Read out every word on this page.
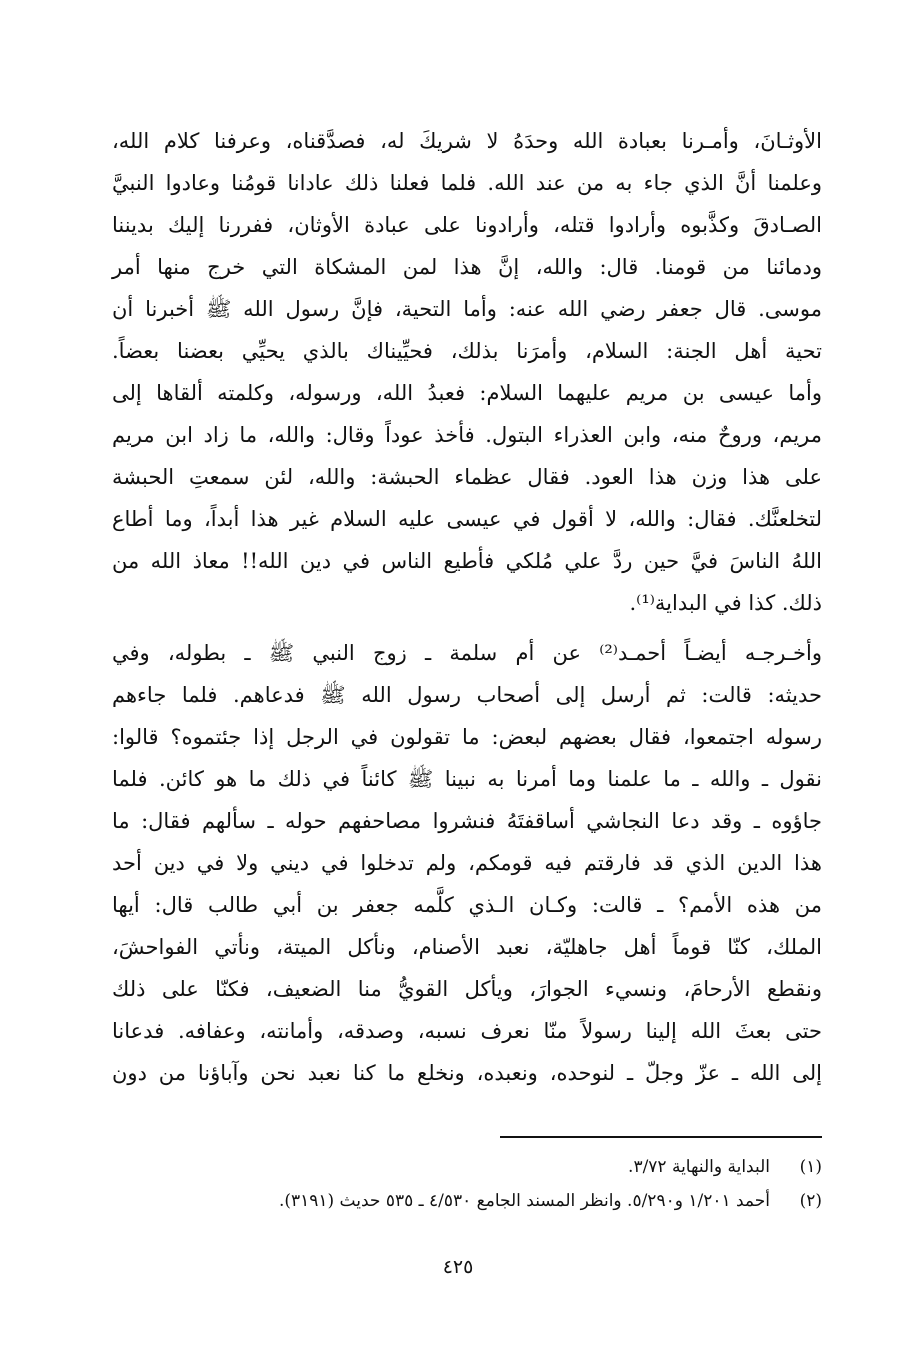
الأوثـانَ، وأمـرنا بعبادة الله وحدَهُ لا شريكَ له، فصدَّقناه، وعرفنا كلام الله،
وعلمنا أنَّ الذي جاء به من عند الله. فلما فعلنا ذلك عادانا قومُنا وعادوا النبيَّ
الصـادقَ وكذَّبوه وأرادوا قتله، وأرادونا على عبادة الأوثان، ففررنا إليك بديننا
ودمائنا من قومنا. قال: والله، إنَّ هذا لمن المشكاة التي خرج منها أمر
موسى. قال جعفر رضي الله عنه: وأما التحية، فإنَّ رسول الله ﷺ أخبرنا أن
تحية أهل الجنة: السلام، وأمرَنا بذلك، فحيِّيناك بالذي يحيِّي بعضنا بعضاً.
وأما عيسى بن مريم عليهما السلام: فعبدُ الله، ورسوله، وكلمته ألقاها إلى
مريم، وروحٌ منه، وابن العذراء البتول. فأخذ عوداً وقال: والله، ما زاد ابن مريم
على هذا وزن هذا العود. فقال عظماء الحبشة: والله، لئن سمعتِ الحبشة
لتخلعنَّك. فقال: والله، لا أقول في عيسى عليه السلام غير هذا أبداً، وما أطاع
اللهُ الناسَ فيَّ حين ردَّ علي مُلكي فأطيع الناس في دين الله!! معاذ الله من
ذلك. كذا في البداية⁽¹⁾.
وأخـرجـه أيضـاً أحمـد⁽²⁾ عن أم سلمة ـ زوج النبي ﷺ ـ بطوله، وفي
حديثه: قالت: ثم أرسل إلى أصحاب رسول الله ﷺ فدعاهم. فلما جاءهم
رسوله اجتمعوا، فقال بعضهم لبعض: ما تقولون في الرجل إذا جئتموه؟ قالوا:
نقول ـ والله ـ ما علمنا وما أمرنا به نبينا ﷺ كائناً في ذلك ما هو كائن. فلما
جاؤوه ـ وقد دعا النجاشي أساقفتَهُ فنشروا مصاحفهم حوله ـ سألهم فقال: ما
هذا الدين الذي قد فارقتم فيه قومكم، ولم تدخلوا في ديني ولا في دين أحد
من هذه الأمم؟ ـ قالت: وكـان الـذي كلَّمه جعفر بن أبي طالب قال: أيها
الملك، كنّا قوماً أهل جاهليّة، نعبد الأصنام، ونأكل الميتة، ونأتي الفواحشَ،
ونقطع الأرحامَ، ونسيء الجوارَ، ويأكل القويُّ منا الضعيف، فكنّا على ذلك
حتى بعثَ الله إلينا رسولاً منّا نعرف نسبه، وصدقه، وأمانته، وعفافه. فدعانا
إلى الله ـ عزّ وجلّ ـ لنوحده، ونعبده، ونخلع ما كنا نعبد نحن وآباؤنا من دون
(١)
البداية والنهاية ٣/٧٢.
(٢)
أحمد ١/٢٠١ و٥/٢٩٠. وانظر المسند الجامع ٤/٥٣٠ ـ ٥٣٥ حديث (٣١٩١).
٤٢٥
